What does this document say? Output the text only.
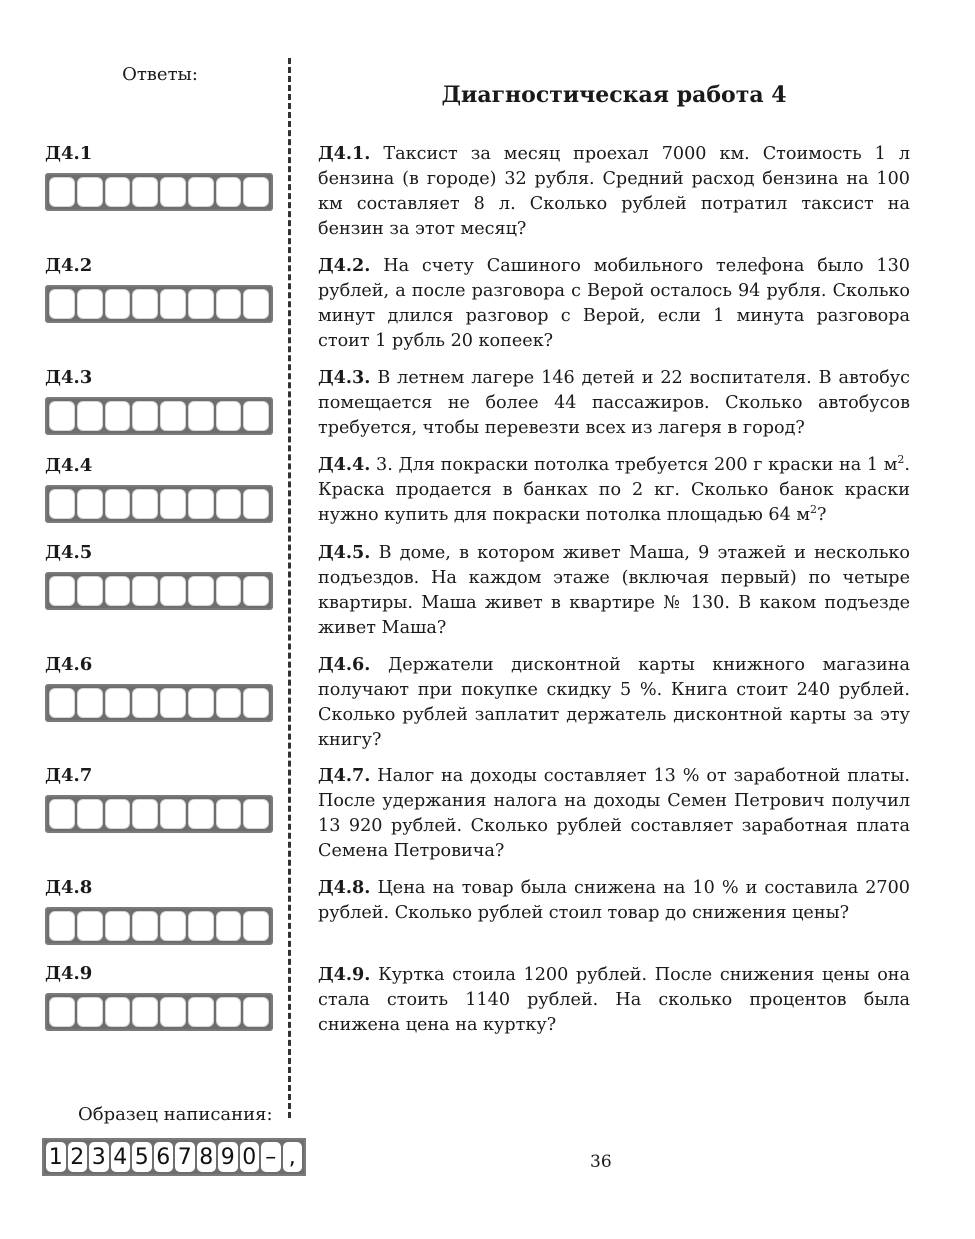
Ответы:
Д4.1
Д4.2
Д4.3
Д4.4
Д4.5
Д4.6
Д4.7
Д4.8
Д4.9
Диагностическая работа 4
Д4.1. Таксист за месяц проехал 7000 км. Стоимость 1 л бензина (в городе) 32 рубля. Средний расход бензина на 100 км составляет 8 л. Сколько рублей потратил таксист на бензин за этот месяц?
Д4.2. На счету Сашиного мобильного телефона было 130 рублей, а после разговора с Верой осталось 94 рубля. Сколько минут длился разговор с Верой, если 1 минута разговора стоит 1 рубль 20 копеек?
Д4.3. В летнем лагере 146 детей и 22 воспитателя. В автобус помещается не более 44 пассажиров. Сколько автобусов требуется, чтобы перевезти всех из лагеря в город?
Д4.4. 3. Для покраски потолка требуется 200 г краски на 1 $м^2$. Краска продается в банках по 2 кг. Сколько банок краски нужно купить для покраски потолка площадью 64 $м^2$?
Д4.5. В доме, в котором живет Маша, 9 этажей и несколько подъездов. На каждом этаже (включая первый) по четыре квартиры. Маша живет в квартире № 130. В каком подъезде живет Маша?
Д4.6. Держатели дисконтной карты книжного магазина получают при покупке скидку 5 %. Книга стоит 240 рублей. Сколько рублей заплатит держатель дисконтной карты за эту книгу?
Д4.7. Налог на доходы составляет 13 % от заработной платы. После удержания налога на доходы Семен Петрович получил 13 920 рублей. Сколько рублей составляет заработная плата Семена Петровича?
Д4.8. Цена на товар была снижена на 10 % и составила 2700 рублей. Сколько рублей стоил товар до снижения цены?
Д4.9. Куртка стоила 1200 рублей. После снижения цены она стала стоить 1140 рублей. На сколько процентов была снижена цена на куртку?
Образец написания:
1 2 3 4 5 6 7 8 9 0 – ,	36
